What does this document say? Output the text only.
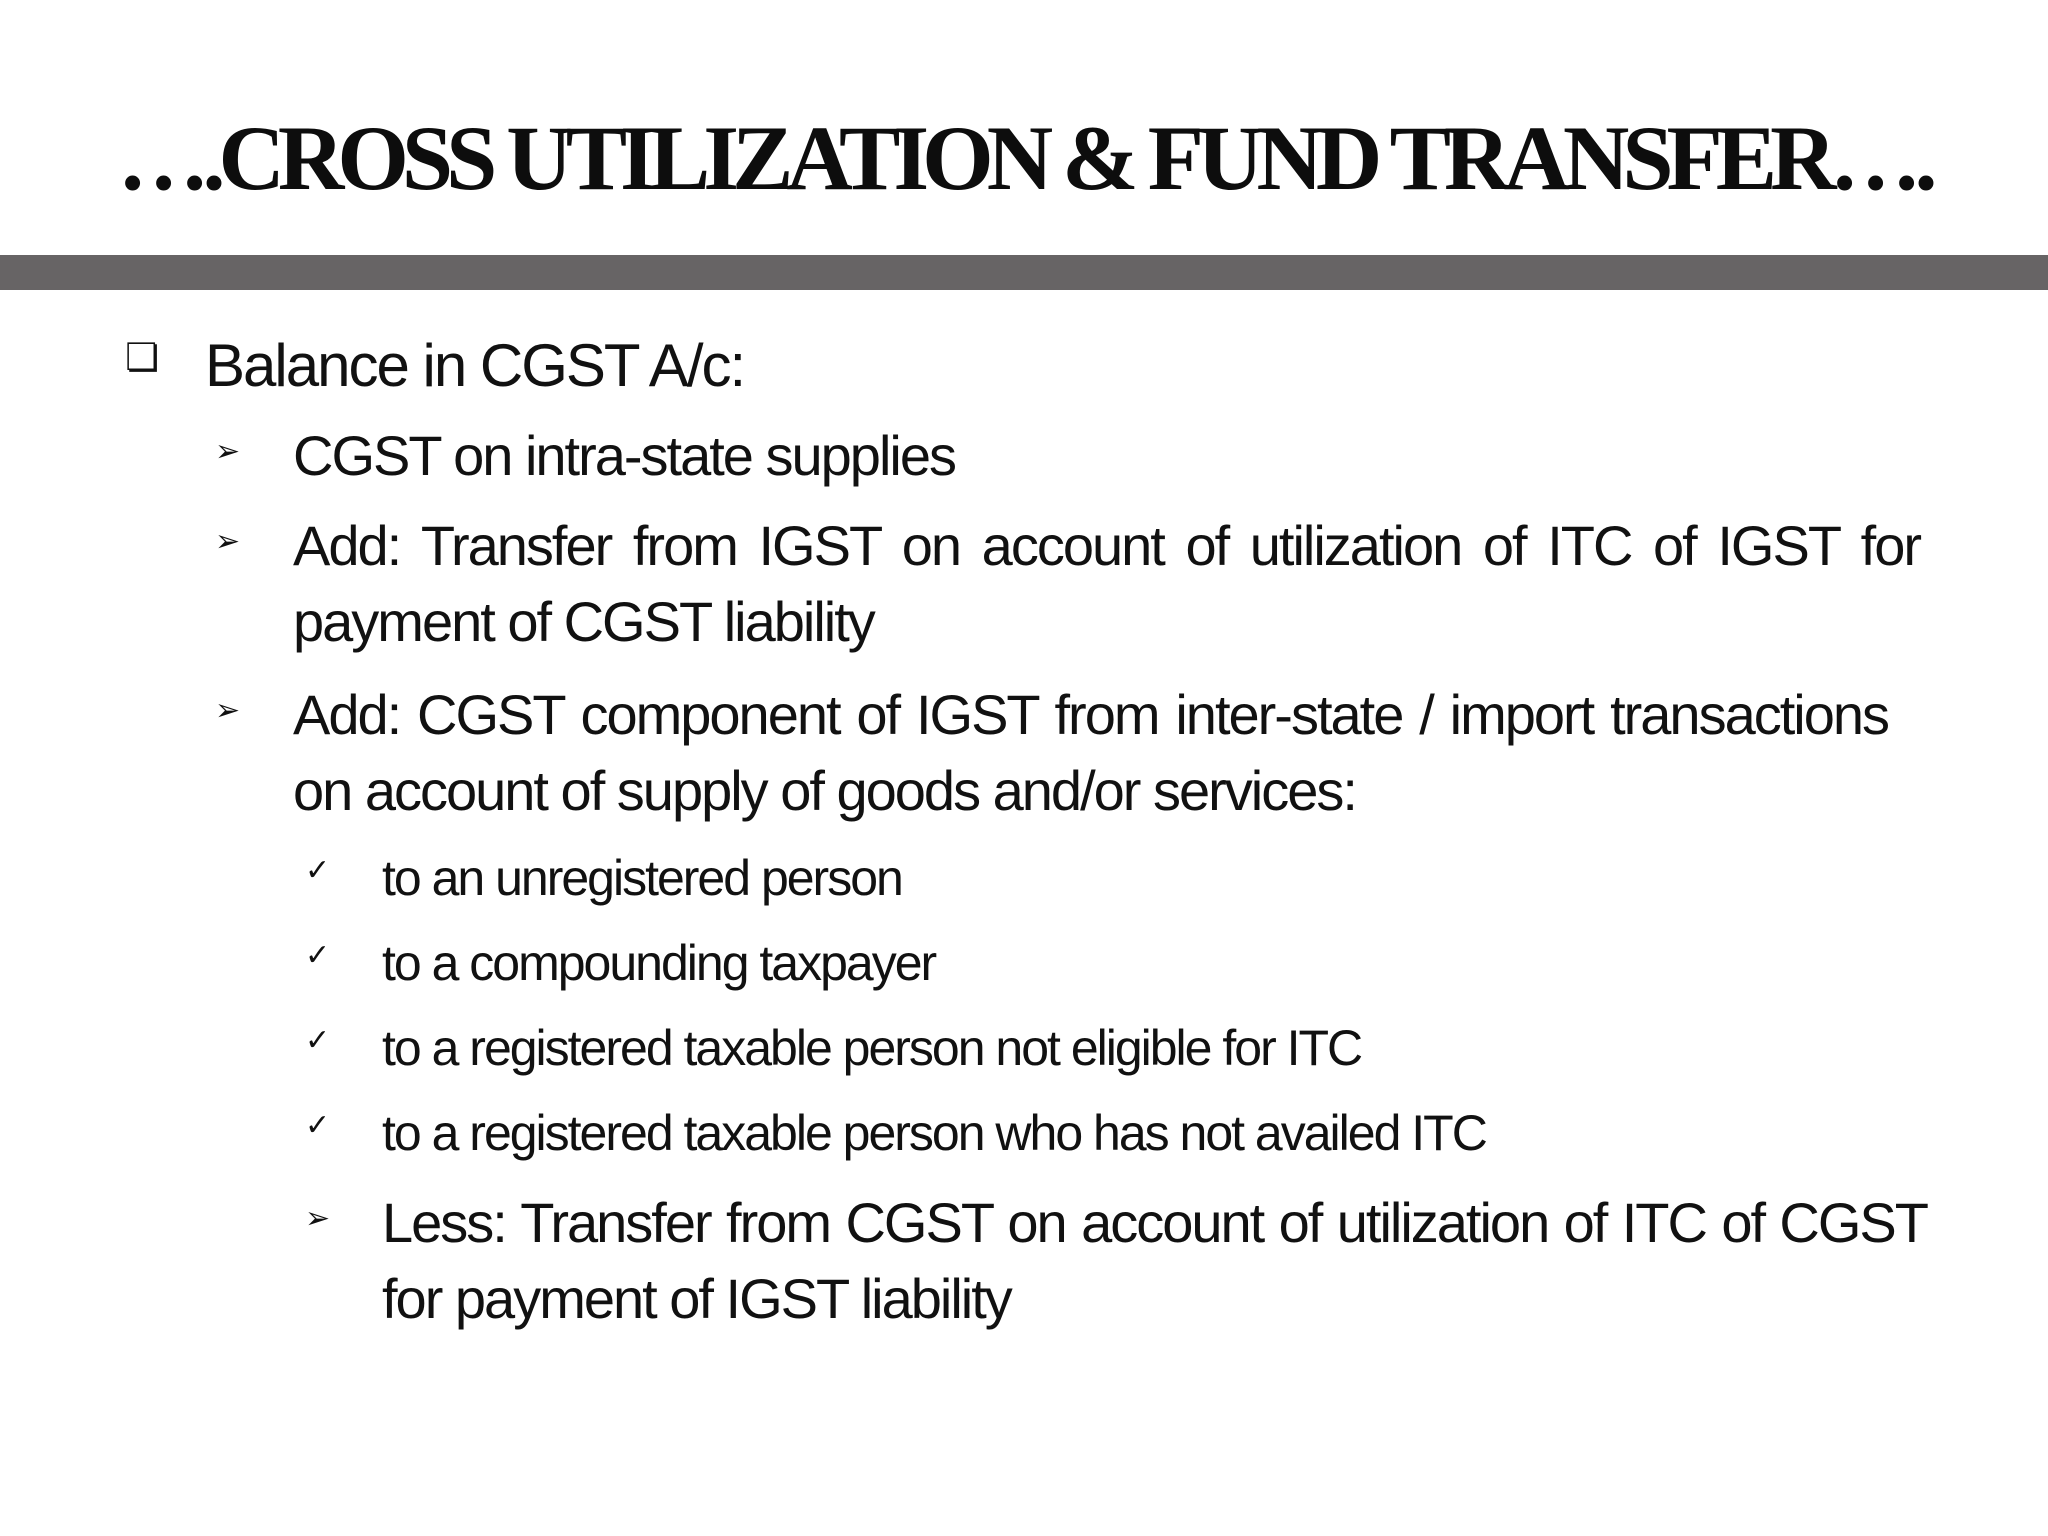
….CROSS UTILIZATION & FUND TRANSFER….
❏ Balance in CGST A/c:
➢ CGST on intra-state supplies
➢ Add: Transfer from IGST on account of utilization of ITC of IGST for payment of CGST liability
➢ Add: CGST component of IGST from inter-state / import transactions on account of supply of goods and/or services:
✓ to an unregistered person
✓ to a compounding taxpayer
✓ to a registered taxable person not eligible for ITC
✓ to a registered taxable person who has not availed ITC
➢ Less: Transfer from CGST on account of utilization of ITC of CGST for payment of IGST liability
